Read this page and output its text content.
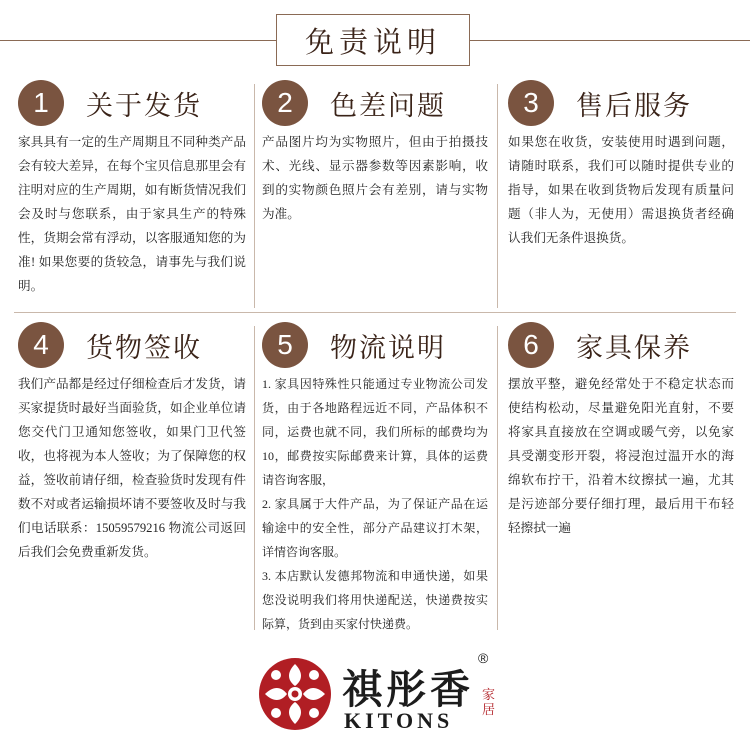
免责说明
1	关于发货

家具具有一定的生产周期且不同种类产品会有较大差异，在每个宝贝信息那里会有注明对应的生产周期，如有断货情况我们会及时与您联系，由于家具生产的特殊性，货期会常有浮动，以客服通知您的为准! 如果您要的货较急，请事先与我们说明。

2	色差问题

产品图片均为实物照片，但由于拍摄技术、光线、显示器参数等因素影响，收到的实物颜色照片会有差别，请与实物为准。

3	售后服务

如果您在收货，安装使用时遇到问题，请随时联系，我们可以随时提供专业的指导，如果在收到货物后发现有质量问题（非人为，无使用）需退换货者经确认我们无条件退换货。

4	货物签收

我们产品都是经过仔细检查后才发货，请买家提货时最好当面验货，如企业单位请您交代门卫通知您签收，如果门卫代签收，也将视为本人签收；为了保障您的权益，签收前请仔细，检查验货时发现有件数不对或者运输损坏请不要签收及时与我们电话联系：15059579216 物流公司返回后我们会免费重新发货。

5	物流说明

1. 家具因特殊性只能通过专业物流公司发货，由于各地路程远近不同，产品体积不同，运费也就不同，我们所标的邮费均为 10，邮费按实际邮费来计算，具体的运费请咨询客服，

2. 家具属于大件产品，为了保证产品在运输途中的安全性，部分产品建议打木架，详情咨询客服。

3. 本店默认发德邦物流和申通快递，如果您没说明我们将用快递配送，快递费按实际算，货到由买家付快递费。

6	家具保养

摆放平整，避免经常处于不稳定状态而使结构松动，尽量避免阳光直射，不要将家具直接放在空调或暖气旁，以免家具受潮变形开裂，将浸泡过温开水的海绵软布拧干，沿着木纹擦拭一遍，尤其是污迹部分要仔细打理，最后用干布轻轻擦拭一遍

祺彤香
®
KITONS
家居
